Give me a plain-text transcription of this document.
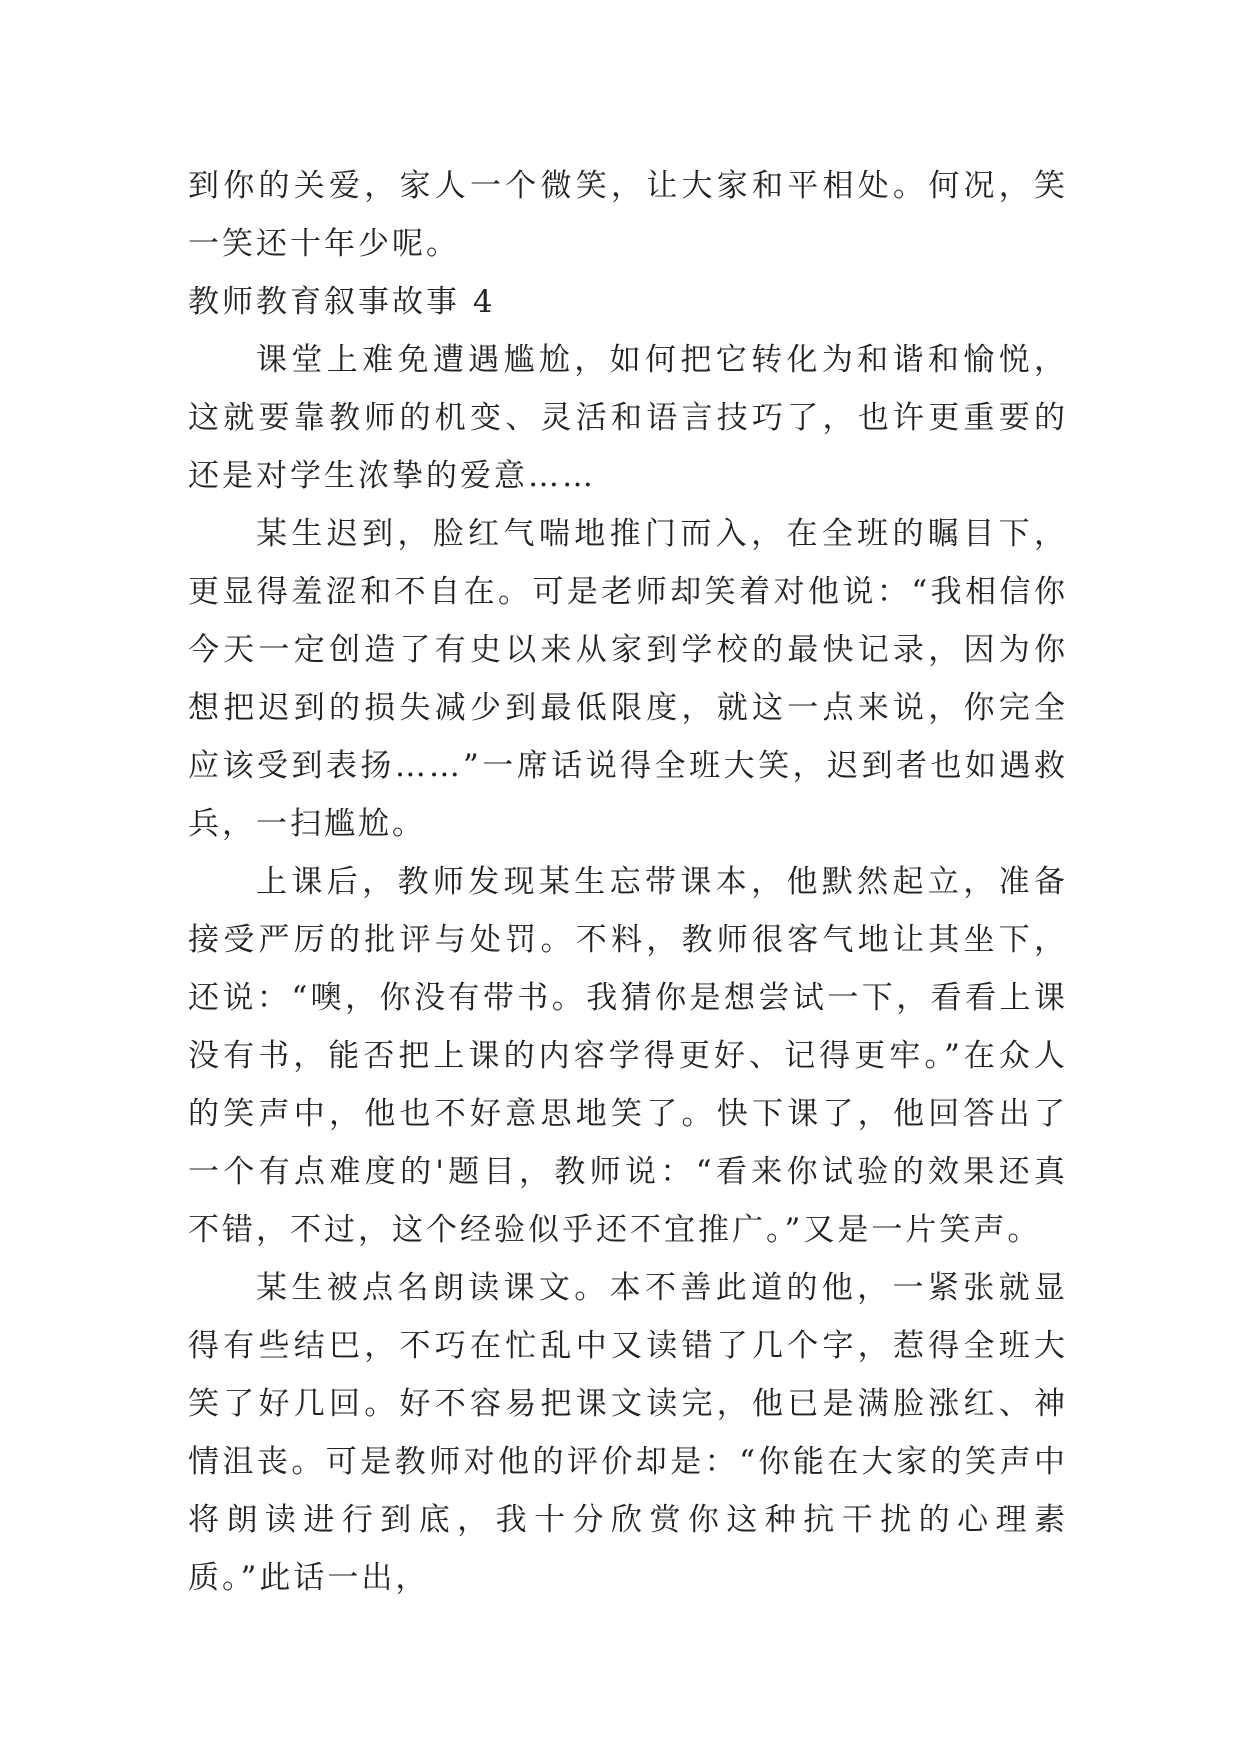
到你的关爱，家人一个微笑，让大家和平相处。何况，笑一笑还十年少呢。

教师教育叙事故事 4

课堂上难免遭遇尴尬，如何把它转化为和谐和愉悦，这就要靠教师的机变、灵活和语言技巧了，也许更重要的还是对学生浓挚的爱意……

某生迟到，脸红气喘地推门而入，在全班的瞩目下，更显得羞涩和不自在。可是老师却笑着对他说：“我相信你今天一定创造了有史以来从家到学校的最快记录，因为你想把迟到的损失减少到最低限度，就这一点来说，你完全应该受到表扬……”一席话说得全班大笑，迟到者也如遇救兵，一扫尴尬。

上课后，教师发现某生忘带课本，他默然起立，准备接受严厉的批评与处罚。不料，教师很客气地让其坐下，还说：“噢，你没有带书。我猜你是想尝试一下，看看上课没有书，能否把上课的内容学得更好、记得更牢。”在众人的笑声中，他也不好意思地笑了。快下课了，他回答出了一个有点难度的'题目，教师说：“看来你试验的效果还真不错，不过，这个经验似乎还不宜推广。”又是一片笑声。

某生被点名朗读课文。本不善此道的他，一紧张就显得有些结巴，不巧在忙乱中又读错了几个字，惹得全班大笑了好几回。好不容易把课文读完，他已是满脸涨红、神情沮丧。可是教师对他的评价却是：“你能在大家的笑声中将朗读进行到底，我十分欣赏你这种抗干扰的心理素质。”此话一出，
